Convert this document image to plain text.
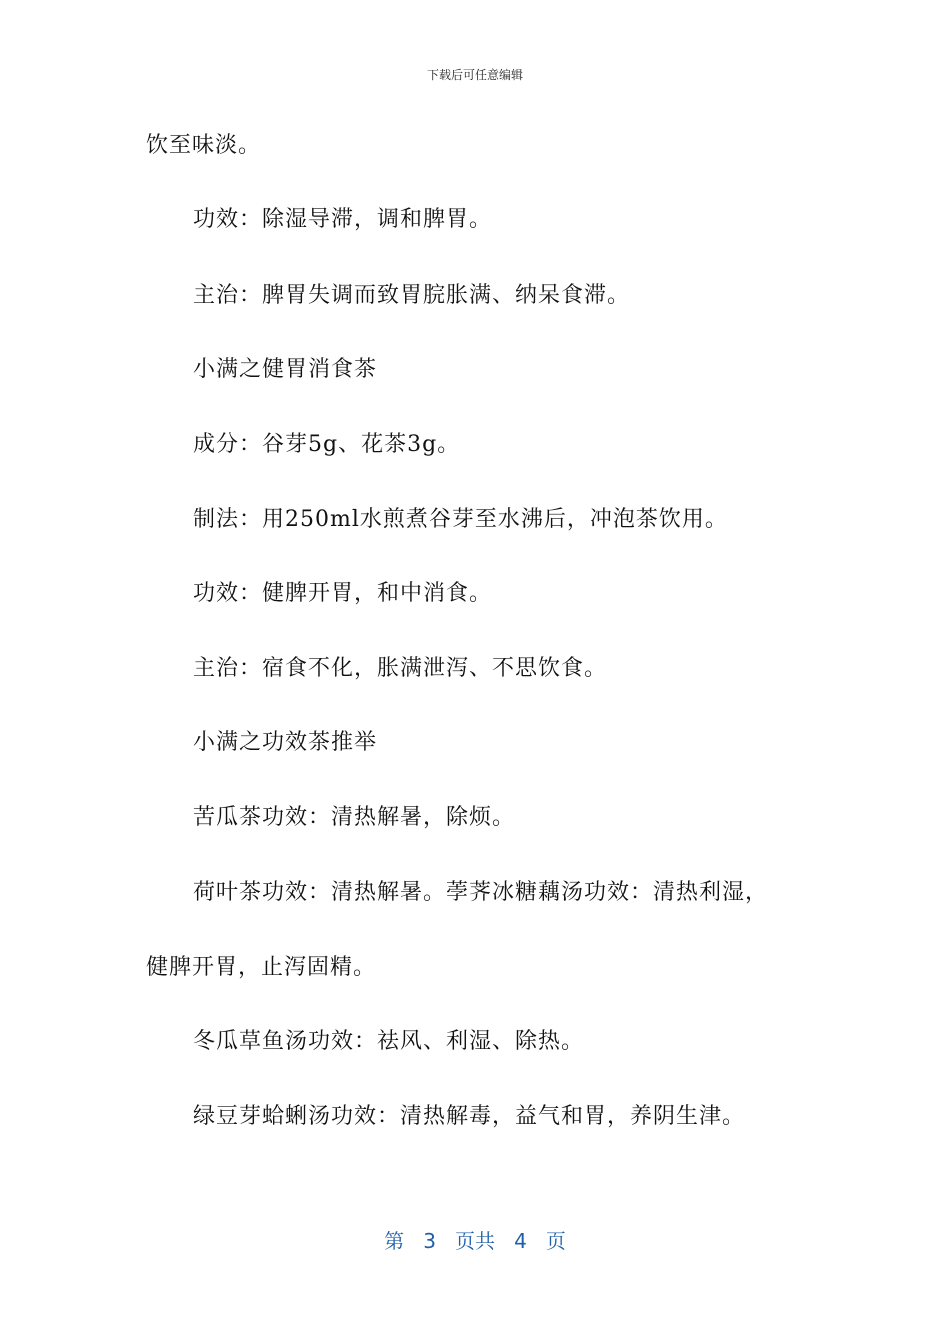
下载后可任意编辑
饮至味淡。
功效：除湿导滞，调和脾胃。
主治：脾胃失调而致胃脘胀满、纳呆食滞。
小满之健胃消食茶
成分：谷芽5g、花茶3g。
制法：用250ml水煎煮谷芽至水沸后，冲泡茶饮用。
功效：健脾开胃，和中消食。
主治：宿食不化，胀满泄泻、不思饮食。
小满之功效茶推举
苦瓜茶功效：清热解暑，除烦。
荷叶茶功效：清热解暑。荸荠冰糖藕汤功效：清热利湿，
健脾开胃，止泻固精。
冬瓜草鱼汤功效：祛风、利湿、除热。
绿豆芽蛤蜊汤功效：清热解毒，益气和胃，养阴生津。
第 3 页共 4 页
